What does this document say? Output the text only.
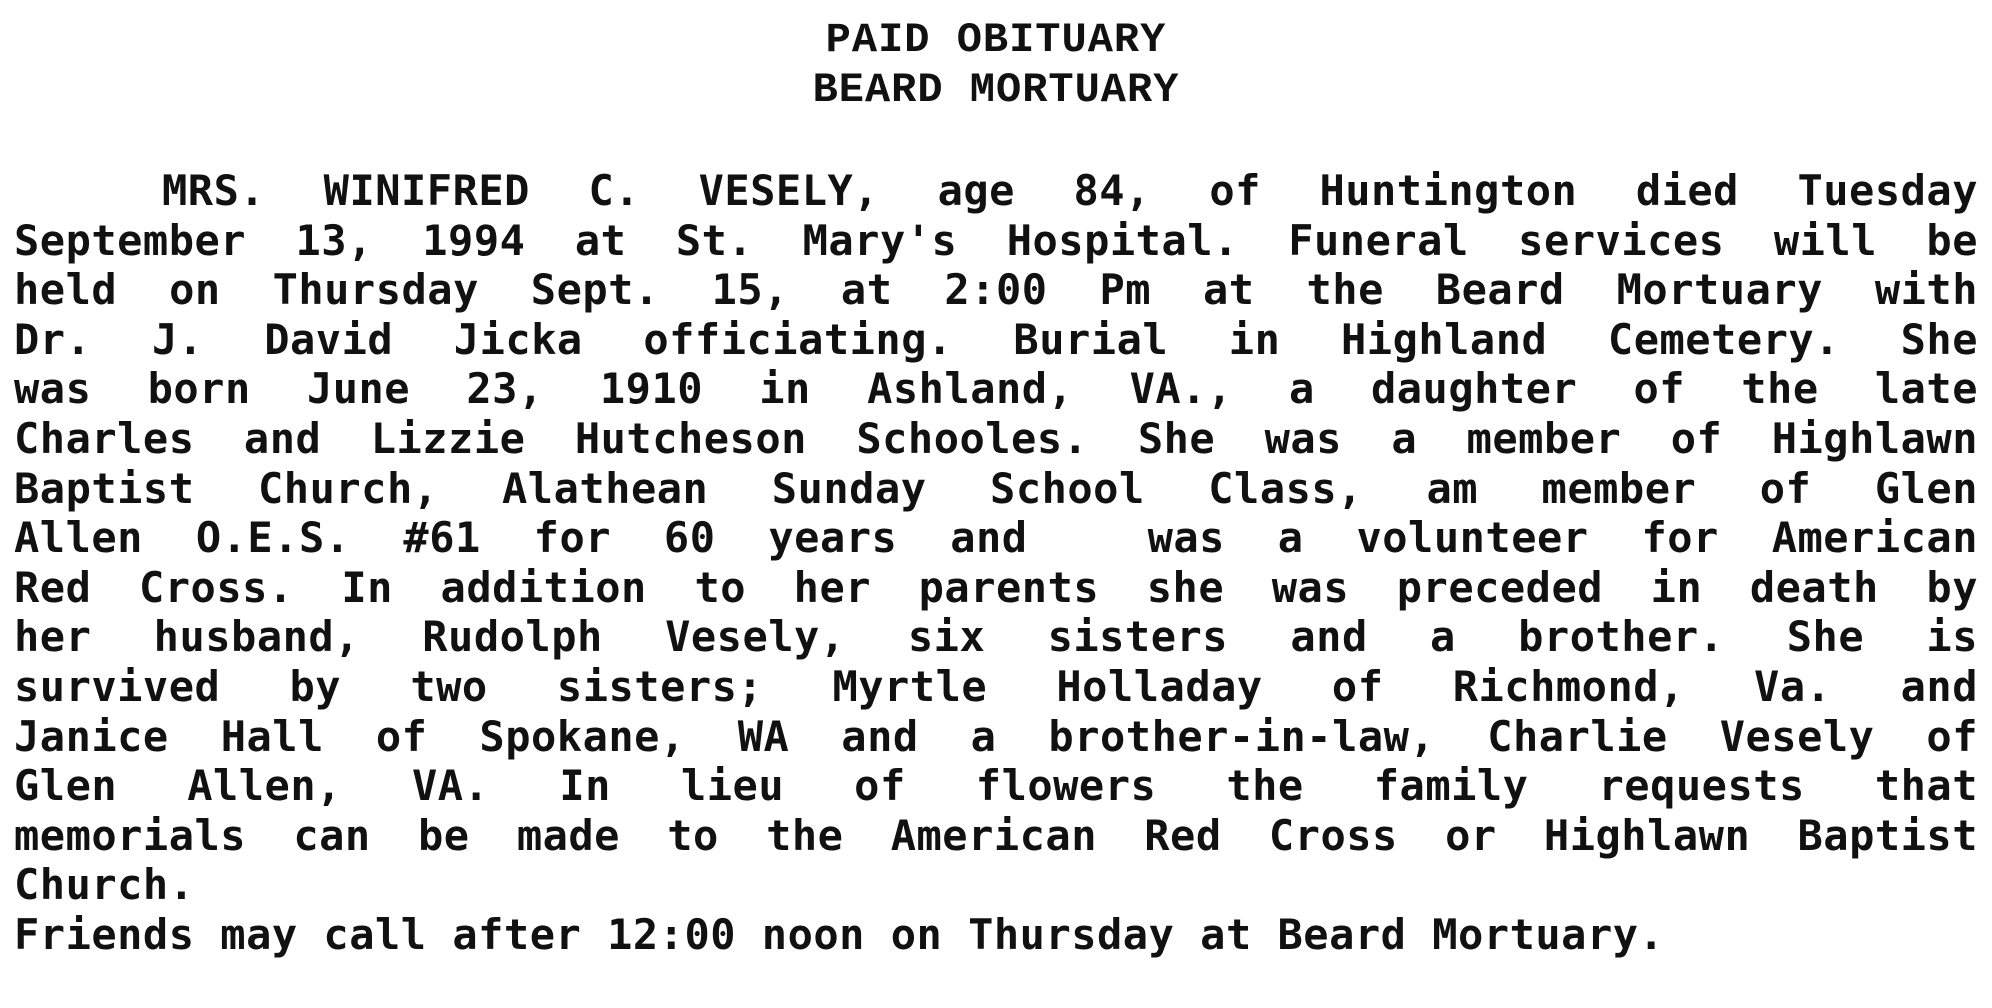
PAID OBITUARY
BEARD MORTUARY
MRS. WINIFRED C. VESELY, age 84, of Huntington died Tuesday
September 13, 1994 at St. Mary's Hospital. Funeral services will be
held on Thursday Sept. 15, at 2:00 Pm at the Beard Mortuary with
Dr. J. David Jicka officiating. Burial in Highland Cemetery. She
was born June 23, 1910 in Ashland, VA., a daughter of the late
Charles and Lizzie Hutcheson Schooles. She was a member of Highlawn
Baptist Church, Alathean Sunday School Class, am member of Glen
Allen O.E.S. #61 for 60 years and	was a volunteer for American
Red Cross. In addition to her parents she was preceded in death by
her husband, Rudolph Vesely, six sisters and a brother. She is
survived by two sisters; Myrtle Holladay of Richmond, Va. and
Janice Hall of Spokane, WA and a brother-in-law, Charlie Vesely of
Glen Allen, VA. In lieu of flowers the family requests that
memorials can be made to the American Red Cross or Highlawn Baptist
Church.
Friends may call after 12:00 noon on Thursday at Beard Mortuary.
